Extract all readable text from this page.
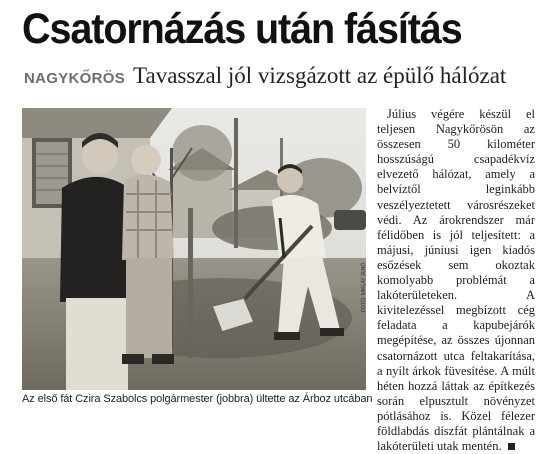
Csatornázás után fásítás
NAGYKŐRÖS Tavasszal jól vizsgázott az épülő hálózat
FOTÓ: MIKLAY JENŐ
Az első fát Czira Szabolcs polgármester (jobbra) ültette az Árboz utcában

Július végére készül el teljesen Nagykőrösön az összesen 50 kilométer hosszúságú csapadékvíz elvezető hálózat, amely a belvíztől leginkább veszélyeztetett városrészeket védi. Az árokrendszer már félidőben is jól teljesített: a májusi, júniusi igen kiadós esőzések sem okoztak komolyabb problémát a lakóterületeken. A kivitelezéssel megbízott cég feladata a kapubejárók megépítése, az összes újonnan csatornázott utca feltakarítása, a nyílt árkok füvesítése. A múlt héten hozzá láttak az építkezés során elpusztult növényzet pótlásához is. Közel félezer földlabdás díszfát plántálnak a lakóterületi utak mentén.
